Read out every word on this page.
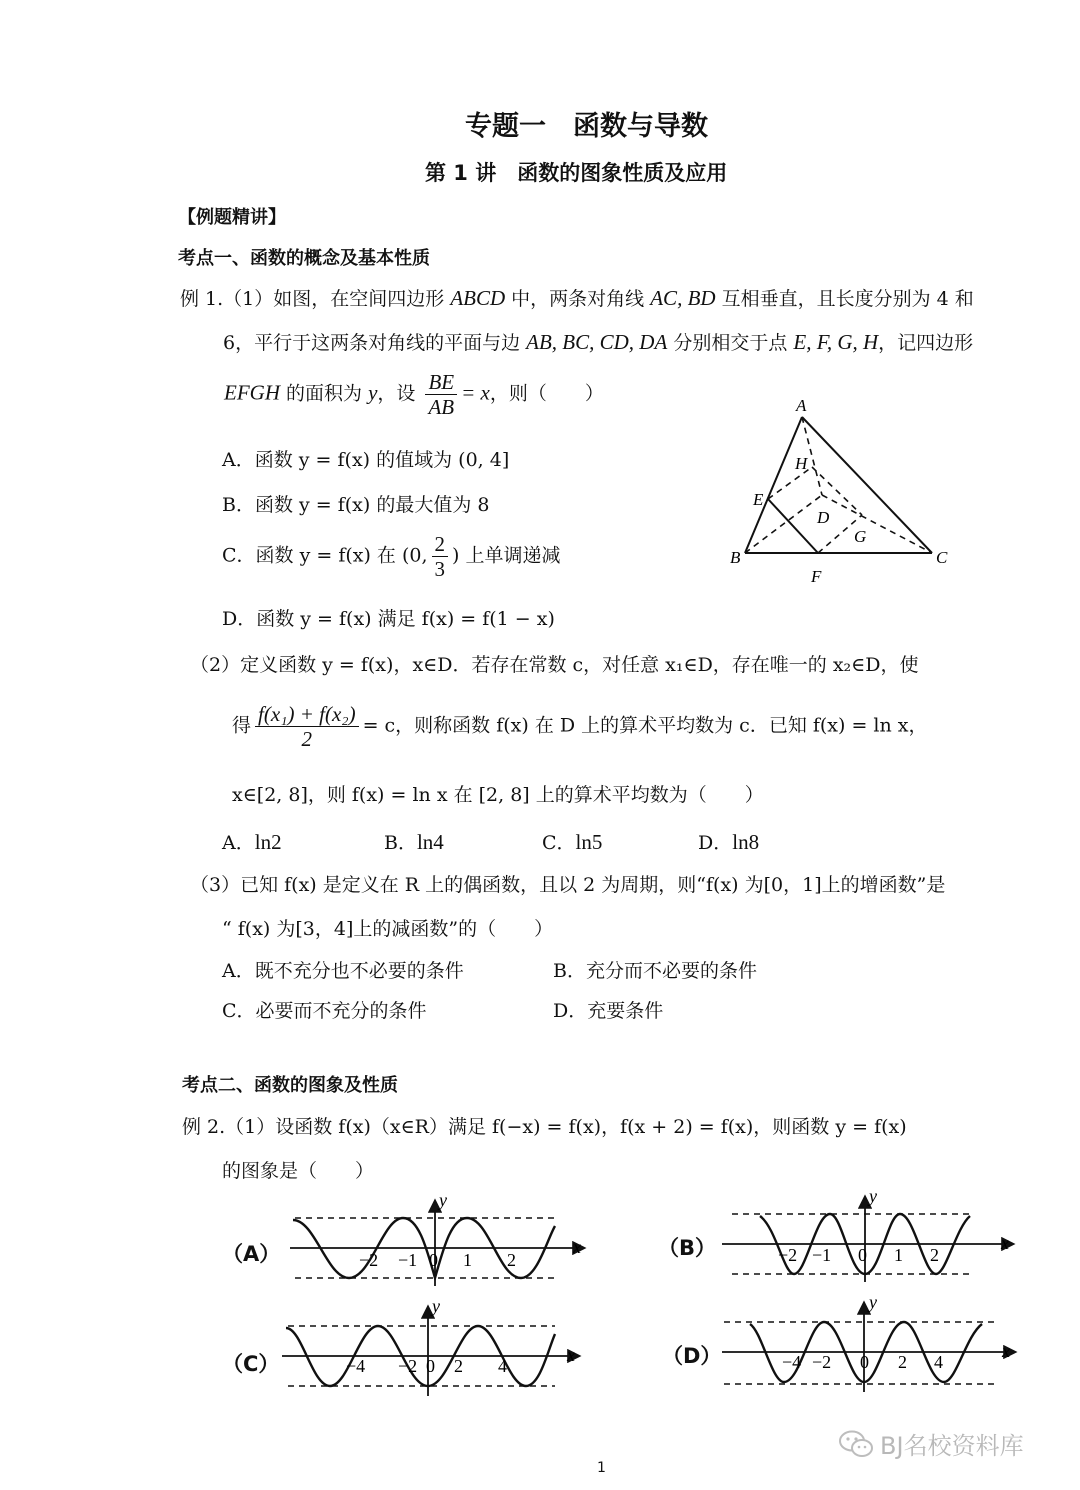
专题一　函数与导数
第 1 讲　函数的图象性质及应用
【例题精讲】
考点一、函数的概念及基本性质
例 1.（1）如图，在空间四边形 ABCD 中，两条对角线 AC, BD 互相垂直，且长度分别为 4 和
6，平行于这两条对角线的平面与边 AB, BC, CD, DA 分别相交于点 E, F, G, H，记四边形
EFGH 的面积为 y，设 $\frac{BE}{AB} = x$，则（　　）
A．函数 y = f(x) 的值域为 (0, 4]
B．函数 y = f(x) 的最大值为 8
C．函数 y = f(x) 在 (0, $\frac{2}{3}$ ) 上单调递减
D．函数 y = f(x) 满足 f(x) = f(1 − x)
A
H
E
D
G
B
F
C
（2）定义函数 y = f(x)，x∈D．若存在常数 c，对任意 x₁∈D，存在唯一的 x₂∈D，使
得 $\frac{\text{f(x₁) + f(x₂)}}{2} = c$，则称函数 f(x) 在 D 上的算术平均数为 c．已知 f(x) = ln x，
x∈[2, 8]，则 f(x) = ln x 在 [2, 8] 上的算术平均数为（　　）
A．ln2	B．ln4	C．ln5	D．ln8
（3）已知 f(x) 是定义在 R 上的偶函数，且以 2 为周期，则“f(x) 为[0，1]上的增函数”是
“ f(x) 为[3，4]上的减函数”的（　　）
A．既不充分也不必要的条件	B．充分而不必要的条件
C．必要而不充分的条件	D．充要条件
考点二、函数的图象及性质
例 2.（1）设函数 f(x)（x∈R）满足 f(−x) = f(x)，f(x + 2) = f(x)，则函数 y = f(x)
的图象是（　　）
（A）	（B）
（C）	（D）
x
y
−2 −1 0 1 2
x
y
−2 −1 0 1 2
x
y
−4 −2 0 2 4
x
y
−4 −2 0 2 4
BJ名校资料库
1
